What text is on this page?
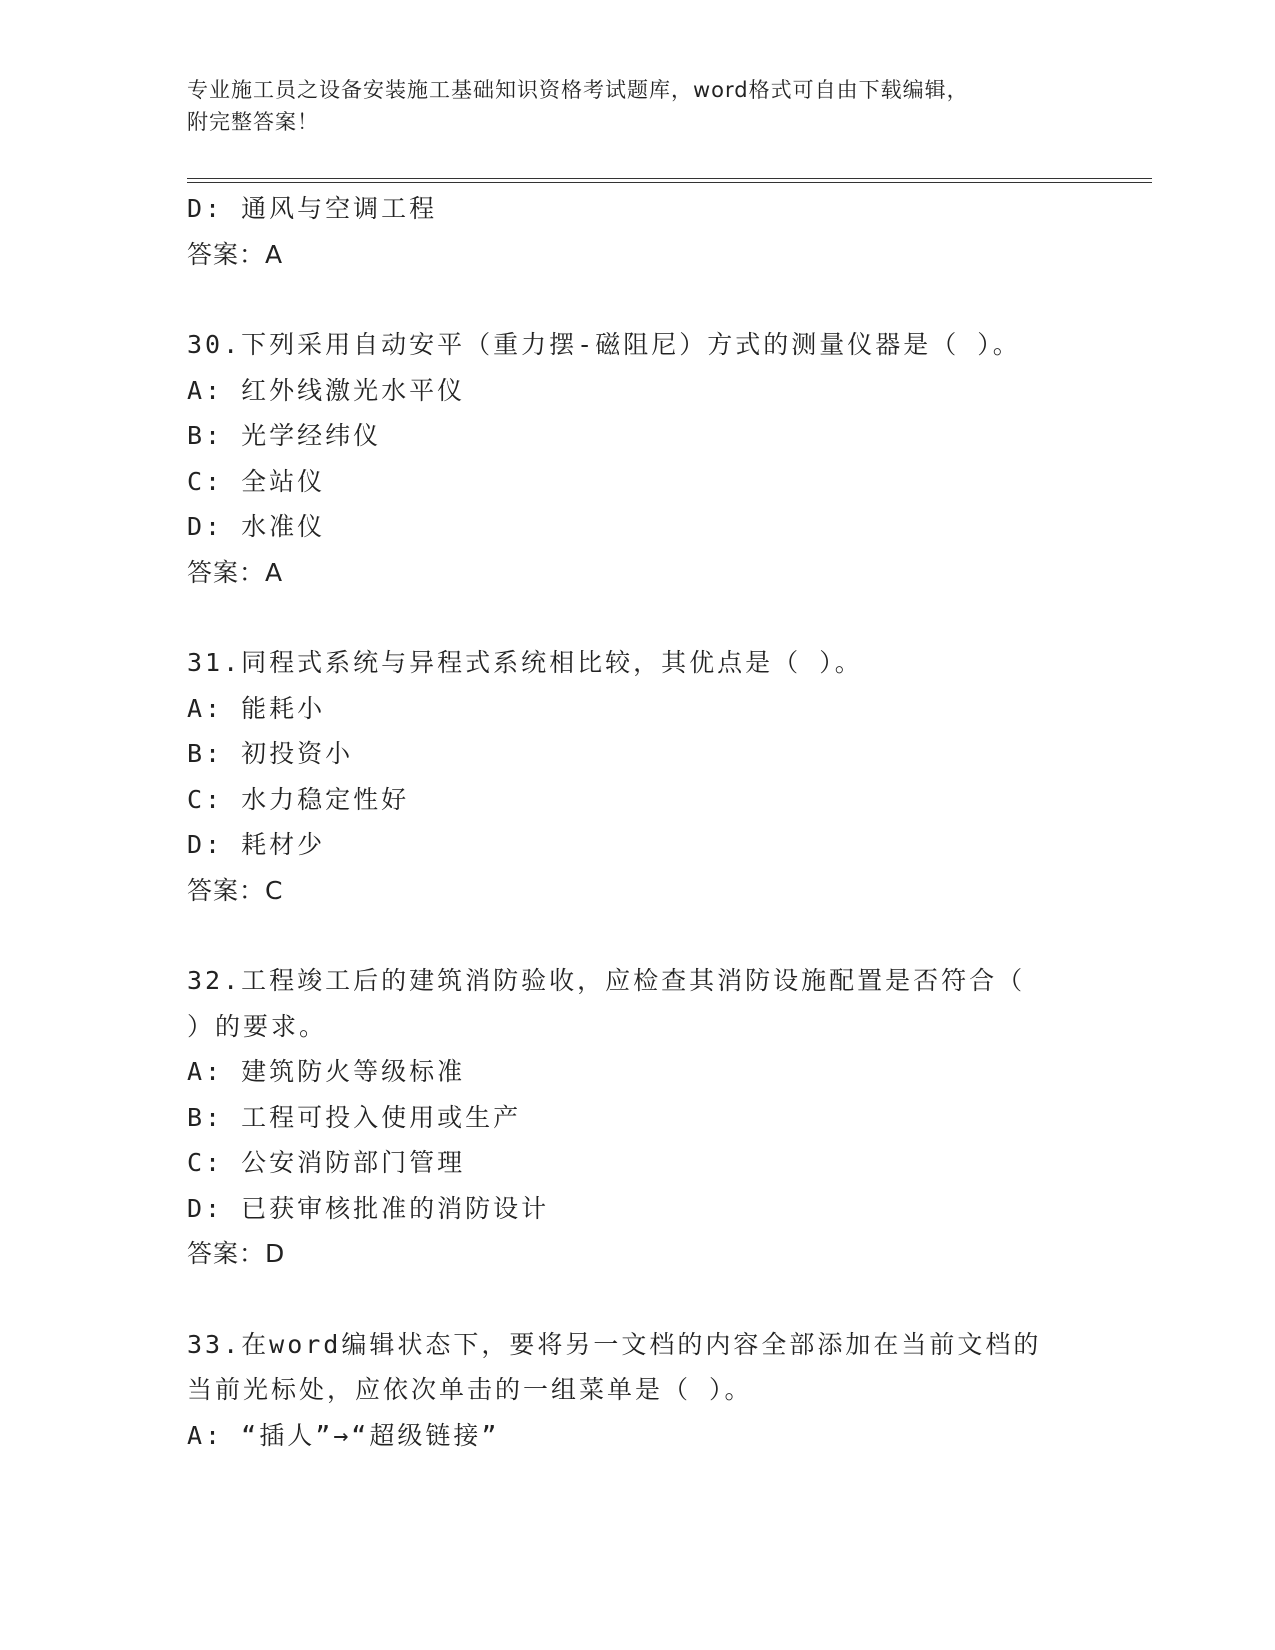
专业施工员之设备安装施工基础知识资格考试题库，word格式可自由下载编辑，
附完整答案！
D: 通风与空调工程
答案：A
30.下列采用自动安平（重力摆-磁阻尼）方式的测量仪器是（ ）。
A: 红外线激光水平仪
B: 光学经纬仪
C: 全站仪
D: 水准仪
答案：A
31.同程式系统与异程式系统相比较，其优点是（ ）。
A: 能耗小
B: 初投资小
C: 水力稳定性好
D: 耗材少
答案：C
32.工程竣工后的建筑消防验收，应检查其消防设施配置是否符合（
）的要求。
A: 建筑防火等级标准
B: 工程可投入使用或生产
C: 公安消防部门管理
D: 已获审核批准的消防设计
答案：D
33.在word编辑状态下，要将另一文档的内容全部添加在当前文档的
当前光标处，应依次单击的一组菜单是（ ）。
A: “插人”→“超级链接”
